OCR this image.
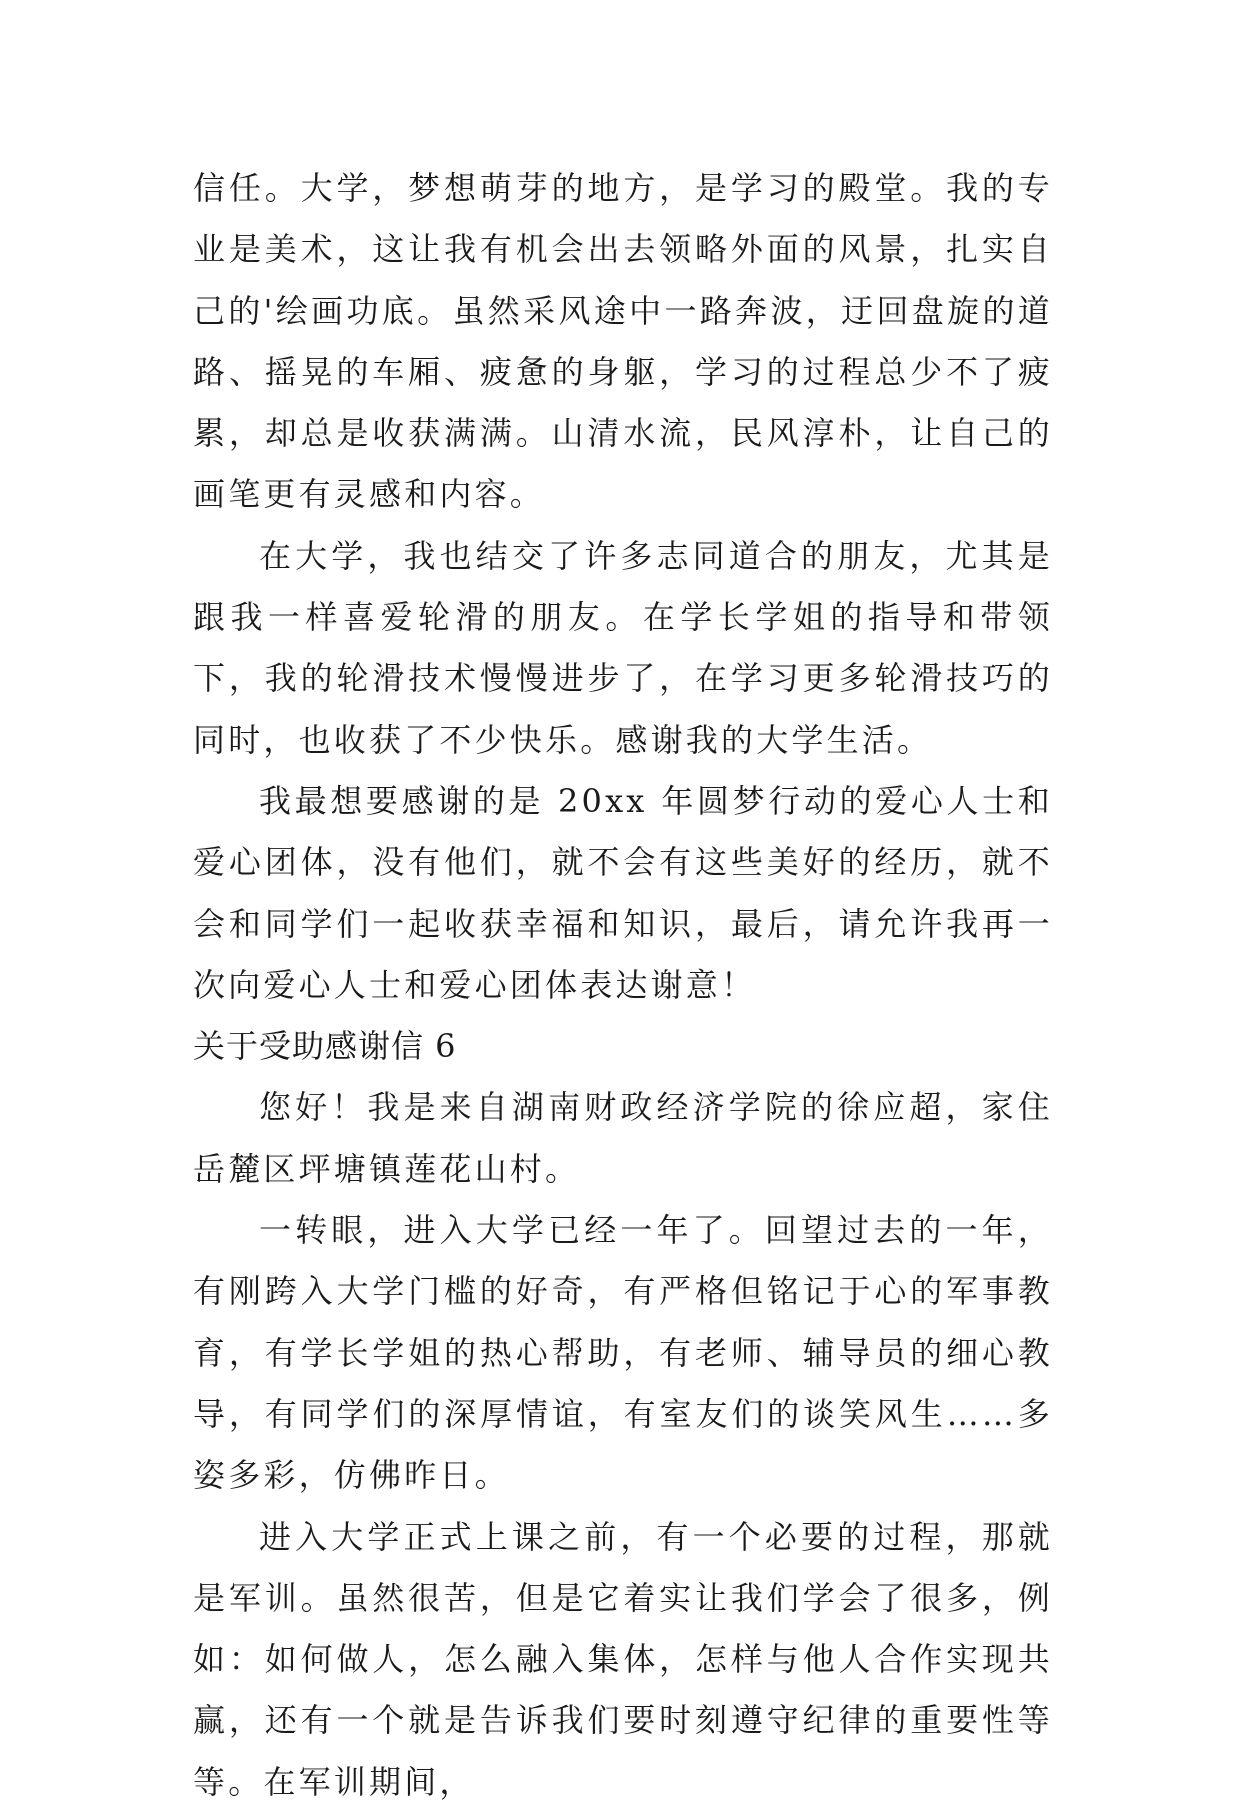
信任。大学，梦想萌芽的地方，是学习的殿堂。我的专业是美术，这让我有机会出去领略外面的风景，扎实自己的'绘画功底。虽然采风途中一路奔波，迂回盘旋的道路、摇晃的车厢、疲惫的身躯，学习的过程总少不了疲累，却总是收获满满。山清水流，民风淳朴，让自己的画笔更有灵感和内容。

在大学，我也结交了许多志同道合的朋友，尤其是跟我一样喜爱轮滑的朋友。在学长学姐的指导和带领下，我的轮滑技术慢慢进步了，在学习更多轮滑技巧的同时，也收获了不少快乐。感谢我的大学生活。

我最想要感谢的是 20xx 年圆梦行动的爱心人士和爱心团体，没有他们，就不会有这些美好的经历，就不会和同学们一起收获幸福和知识，最后，请允许我再一次向爱心人士和爱心团体表达谢意！

关于受助感谢信 6

您好！我是来自湖南财政经济学院的徐应超，家住岳麓区坪塘镇莲花山村。

一转眼，进入大学已经一年了。回望过去的一年，有刚跨入大学门槛的好奇，有严格但铭记于心的军事教育，有学长学姐的热心帮助，有老师、辅导员的细心教导，有同学们的深厚情谊，有室友们的谈笑风生……多姿多彩，仿佛昨日。

进入大学正式上课之前，有一个必要的过程，那就是军训。虽然很苦，但是它着实让我们学会了很多，例如：如何做人，怎么融入集体，怎样与他人合作实现共赢，还有一个就是告诉我们要时刻遵守纪律的重要性等等。在军训期间，
